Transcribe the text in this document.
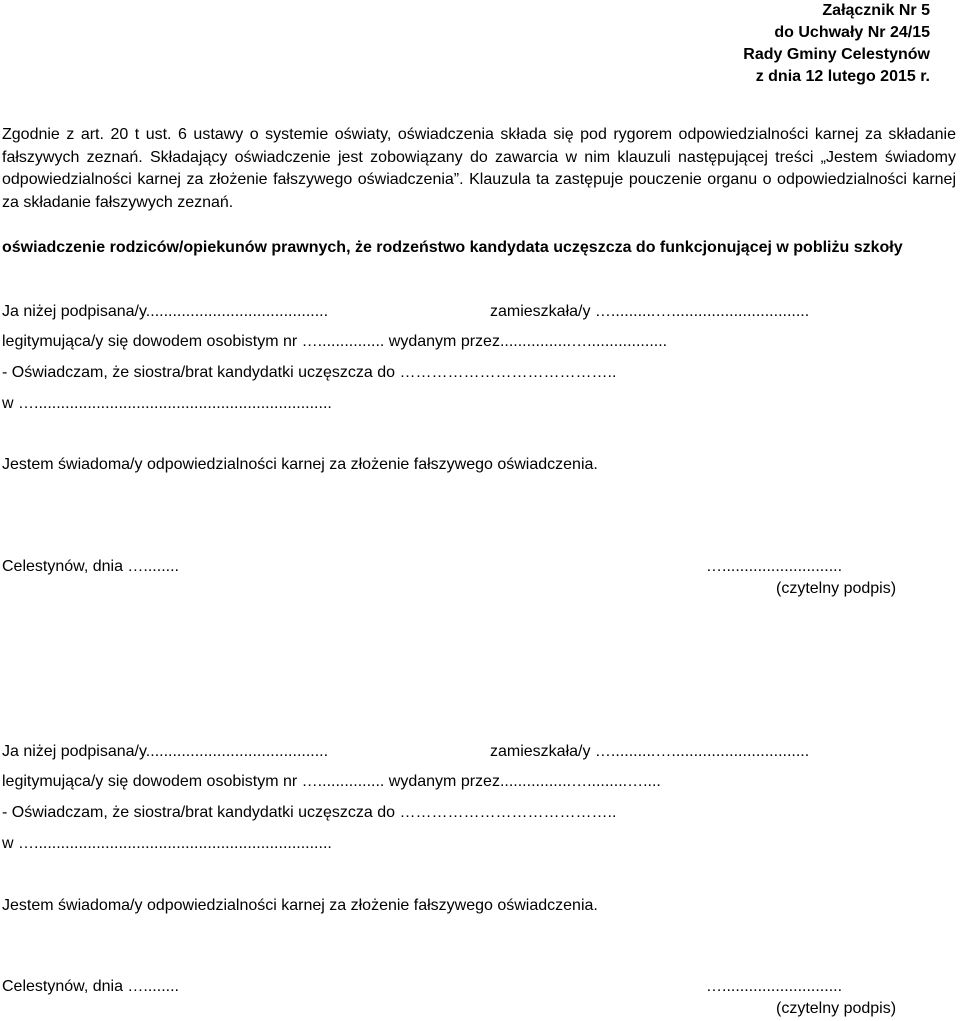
Załącznik Nr 5
do Uchwały Nr 24/15
Rady Gminy Celestynów
z dnia 12 lutego 2015 r.
Zgodnie z art. 20 t ust. 6 ustawy o systemie oświaty, oświadczenia składa się pod rygorem odpowiedzialności karnej za składanie fałszywych zeznań. Składający oświadczenie jest zobowiązany do zawarcia w nim klauzuli następującej treści „Jestem świadomy odpowiedzialności karnej za złożenie fałszywego oświadczenia”. Klauzula ta zastępuje pouczenie organu o odpowiedzialności karnej za składanie fałszywych zeznań.
oświadczenie rodziców/opiekunów prawnych, że rodzeństwo kandydata uczęszcza do funkcjonującej w pobliżu szkoły
Ja niżej podpisana/y.........................................	zamieszkała/y …..........…...............................
legitymująca/y się dowodem osobistym nr …............... wydanym przez................…..................
- Oświadczam, że siostra/brat kandydatki uczęszcza do …………………………………..
w …...................................................................
Jestem świadoma/y odpowiedzialności karnej za złożenie fałszywego oświadczenia.
Celestynów, dnia …........	…...........................
(czytelny podpis)
Ja niżej podpisana/y.........................................	zamieszkała/y …..........…...............................
legitymująca/y się dowodem osobistym nr …............... wydanym przez................….........…....
- Oświadczam, że siostra/brat kandydatki uczęszcza do …………………………………..
w …...................................................................
Jestem świadoma/y odpowiedzialności karnej za złożenie fałszywego oświadczenia.
Celestynów, dnia …........	…...........................
(czytelny podpis)
